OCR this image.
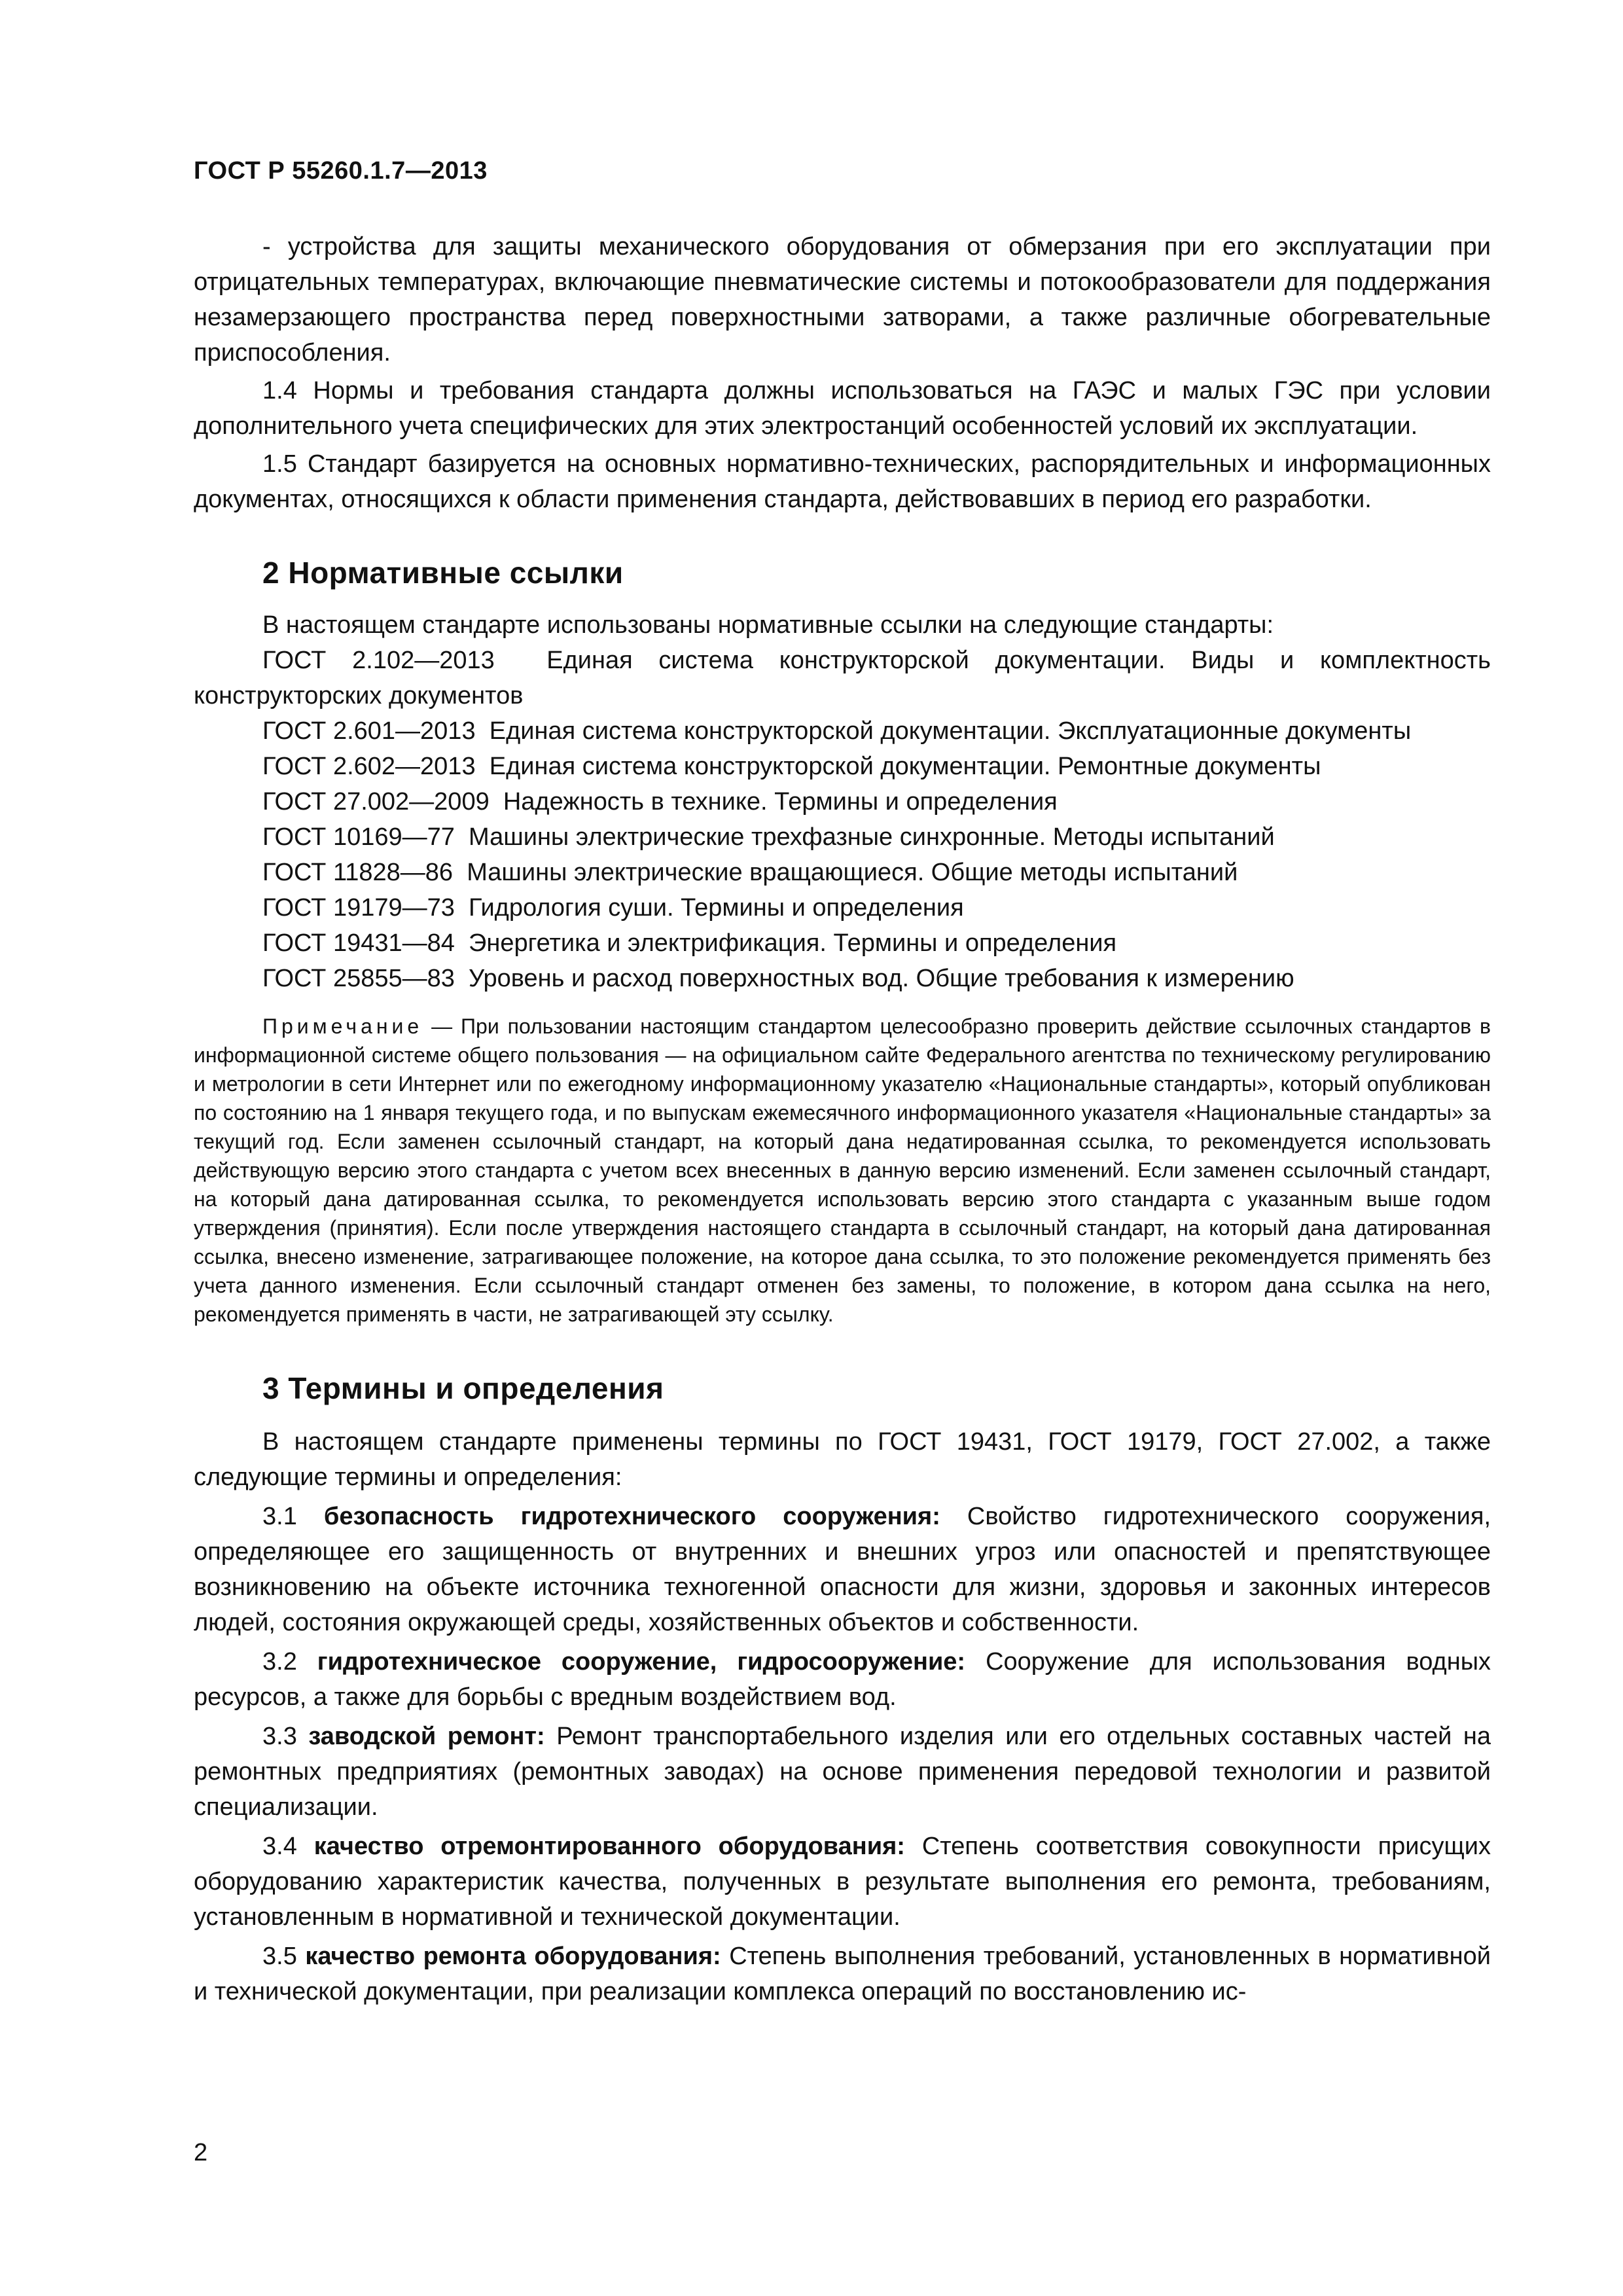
ГОСТ Р 55260.1.7—2013

- устройства для защиты механического оборудования от обмерзания при его эксплуатации при отрицательных температурах, включающие пневматические системы и потокообразователи для поддержания незамерзающего пространства перед поверхностными затворами, а также различные обогревательные приспособления.

1.4 Нормы и требования стандарта должны использоваться на ГАЭС и малых ГЭС при условии дополнительного учета специфических для этих электростанций особенностей условий их эксплуатации.

1.5 Стандарт базируется на основных нормативно-технических, распорядительных и информационных документах, относящихся к области применения стандарта, действовавших в период его разработки.

2 Нормативные ссылки

В настоящем стандарте использованы нормативные ссылки на следующие стандарты:

ГОСТ 2.102—2013 Единая система конструкторской документации. Виды и комплектность конструкторских документов

ГОСТ 2.601—2013 Единая система конструкторской документации. Эксплуатационные документы
ГОСТ 2.602—2013 Единая система конструкторской документации. Ремонтные документы
ГОСТ 27.002—2009 Надежность в технике. Термины и определения
ГОСТ 10169—77 Машины электрические трехфазные синхронные. Методы испытаний
ГОСТ 11828—86 Машины электрические вращающиеся. Общие методы испытаний
ГОСТ 19179—73 Гидрология суши. Термины и определения
ГОСТ 19431—84 Энергетика и электрификация. Термины и определения
ГОСТ 25855—83 Уровень и расход поверхностных вод. Общие требования к измерению

Примечание — При пользовании настоящим стандартом целесообразно проверить действие ссылочных стандартов в информационной системе общего пользования — на официальном сайте Федерального агентства по техническому регулированию и метрологии в сети Интернет или по ежегодному информационному указателю «Национальные стандарты», который опубликован по состоянию на 1 января текущего года, и по выпускам ежемесячного информационного указателя «Национальные стандарты» за текущий год. Если заменен ссылочный стандарт, на который дана недатированная ссылка, то рекомендуется использовать действующую версию этого стандарта с учетом всех внесенных в данную версию изменений. Если заменен ссылочный стандарт, на который дана датированная ссылка, то рекомендуется использовать версию этого стандарта с указанным выше годом утверждения (принятия). Если после утверждения настоящего стандарта в ссылочный стандарт, на который дана датированная ссылка, внесено изменение, затрагивающее положение, на которое дана ссылка, то это положение рекомендуется применять без учета данного изменения. Если ссылочный стандарт отменен без замены, то положение, в котором дана ссылка на него, рекомендуется применять в части, не затрагивающей эту ссылку.

3 Термины и определения

В настоящем стандарте применены термины по ГОСТ 19431, ГОСТ 19179, ГОСТ 27.002, а также следующие термины и определения:

3.1 безопасность гидротехнического сооружения: Свойство гидротехнического сооружения, определяющее его защищенность от внутренних и внешних угроз или опасностей и препятствующее возникновению на объекте источника техногенной опасности для жизни, здоровья и законных интересов людей, состояния окружающей среды, хозяйственных объектов и собственности.

3.2 гидротехническое сооружение, гидросооружение: Сооружение для использования водных ресурсов, а также для борьбы с вредным воздействием вод.

3.3 заводской ремонт: Ремонт транспортабельного изделия или его отдельных составных частей на ремонтных предприятиях (ремонтных заводах) на основе применения передовой технологии и развитой специализации.

3.4 качество отремонтированного оборудования: Степень соответствия совокупности присущих оборудованию характеристик качества, полученных в результате выполнения его ремонта, требованиям, установленным в нормативной и технической документации.

3.5 качество ремонта оборудования: Степень выполнения требований, установленных в нормативной и технической документации, при реализации комплекса операций по восстановлению ис-

2
